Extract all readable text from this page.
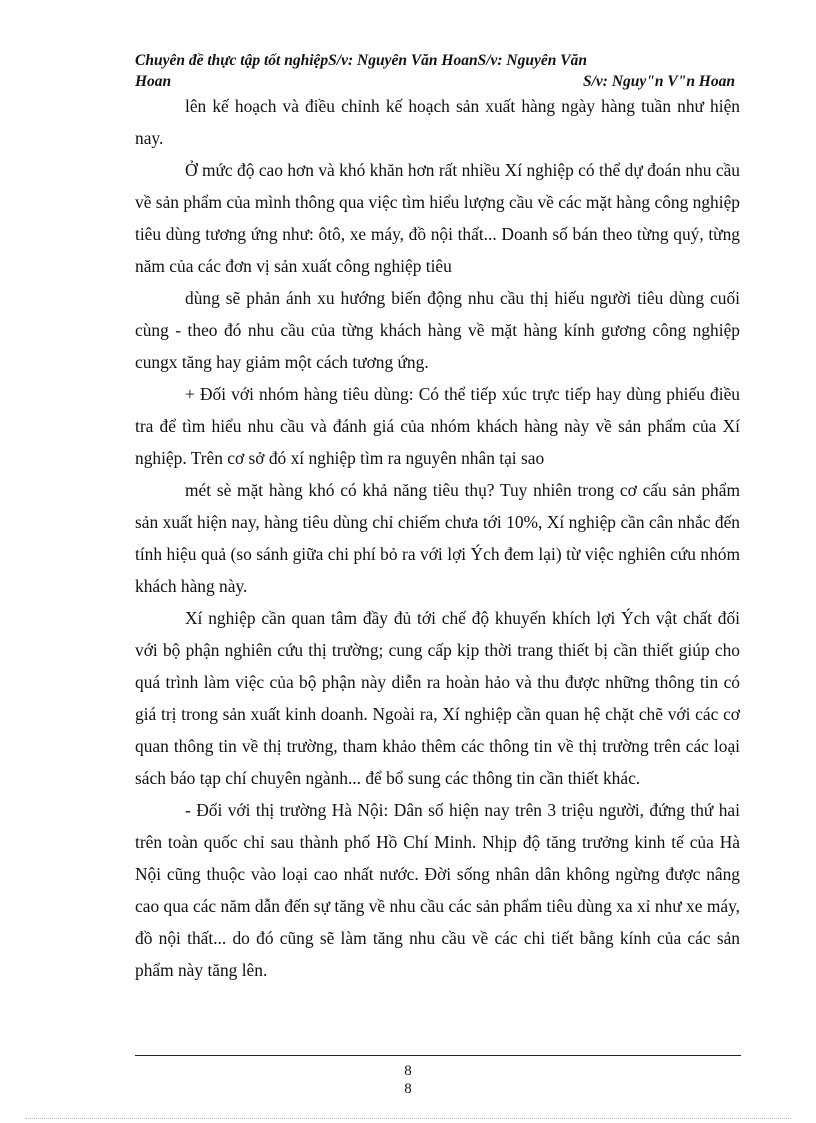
Chuyên đề thực tập tốt nghiệpS/v: Nguyên Văn HoanS/v: Nguyên Văn
Hoan	S/v: Nguy"n V"n Hoan

lên kế hoạch và điều chỉnh kế hoạch sản xuất hàng ngày hàng tuần như hiện nay.

Ở mức độ cao hơn và khó khăn hơn rất nhiều Xí nghiệp có thể dự đoán nhu cầu về sản phẩm của mình thông qua việc tìm hiểu lượng cầu về các mặt hàng công nghiệp tiêu dùng tương ứng như: ôtô, xe máy, đồ nội thất... Doanh số bán theo từng quý, từng năm của các đơn vị sản xuất công nghiệp tiêu

dùng sẽ phản ánh xu hướng biến động nhu cầu thị hiếu người tiêu dùng cuối cùng - theo đó nhu cầu của từng khách hàng về mặt hàng kính gương công nghiệp cungx tăng hay giảm một cách tương ứng.

+ Đối với nhóm hàng tiêu dùng: Có thể tiếp xúc trực tiếp hay dùng phiếu điều tra để tìm hiểu nhu cầu và đánh giá của nhóm khách hàng này về sản phẩm của Xí nghiệp. Trên cơ sở đó xí nghiệp tìm ra nguyên nhân tại sao

mét sè mặt hàng khó có khả năng tiêu thụ? Tuy nhiên trong cơ cấu sản phẩm sản xuất hiện nay, hàng tiêu dùng chỉ chiếm chưa tới 10%, Xí nghiệp cần cân nhắc đến tính hiệu quả (so sánh giữa chi phí bỏ ra với lợi Ých đem lại) từ việc nghiên cứu nhóm khách hàng này.

Xí nghiệp cần quan tâm đầy đủ tới chế độ khuyến khích lợi Ých vật chất đối với bộ phận nghiên cứu thị trường; cung cấp kịp thời trang thiết bị cần thiết giúp cho quá trình làm việc của bộ phận này diễn ra hoàn hảo và thu được những thông tin có giá trị trong sản xuất kinh doanh. Ngoài ra, Xí nghiệp cần quan hệ chặt chẽ với các cơ quan thông tin về thị trường, tham khảo thêm các thông tin về thị trường trên các loại sách báo tạp chí chuyên ngành... để bổ sung các thông tin cần thiết khác.

- Đối với thị trường Hà Nội: Dân số hiện nay trên 3 triệu người, đứng thứ hai trên toàn quốc chỉ sau thành phố Hồ Chí Minh. Nhịp độ tăng trưởng kinh tế của Hà Nội cũng thuộc vào loại cao nhất nước. Đời sống nhân dân không ngừng được nâng cao qua các năm dẫn đến sự tăng về nhu cầu các sản phẩm tiêu dùng xa xỉ như xe máy, đồ nội thất... do đó cũng sẽ làm tăng nhu cầu về các chi tiết bằng kính của các sản phẩm này tăng lên.

8
8
